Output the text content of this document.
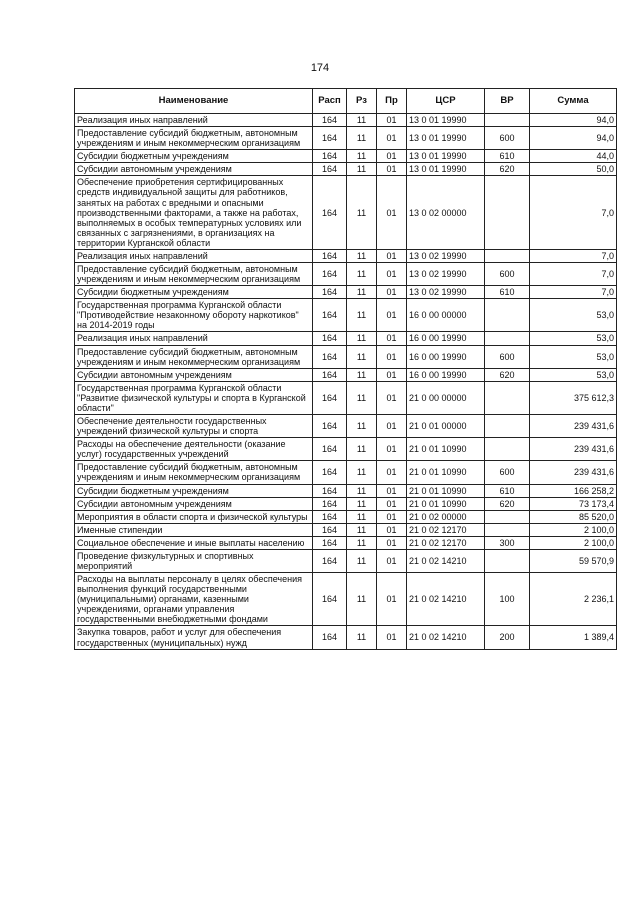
174
Наименование	Расп	Рз	Пр	ЦСР	ВР	Сумма
Реализация иных направлений	164	11	01	13 0 01 19990		94,0
Предоставление субсидий бюджетным, автономным учреждениям и иным некоммерческим организациям	164	11	01	13 0 01 19990	600	94,0
Субсидии бюджетным учреждениям	164	11	01	13 0 01 19990	610	44,0
Субсидии автономным учреждениям	164	11	01	13 0 01 19990	620	50,0
Обеспечение приобретения сертифицированных средств индивидуальной защиты для работников, занятых на работах с вредными и опасными производственными факторами, а также на работах, выполняемых в особых температурных условиях или связанных с загрязнениями, в организациях на территории Курганской области	164	11	01	13 0 02 00000		7,0
Реализация иных направлений	164	11	01	13 0 02 19990		7,0
Предоставление субсидий бюджетным, автономным учреждениям и иным некоммерческим организациям	164	11	01	13 0 02 19990	600	7,0
Субсидии бюджетным учреждениям	164	11	01	13 0 02 19990	610	7,0
Государственная программа Курганской области "Противодействие незаконному обороту наркотиков" на 2014-2019 годы	164	11	01	16 0 00 00000		53,0
Реализация иных направлений	164	11	01	16 0 00 19990		53,0
Предоставление субсидий бюджетным, автономным учреждениям и иным некоммерческим организациям	164	11	01	16 0 00 19990	600	53,0
Субсидии автономным учреждениям	164	11	01	16 0 00 19990	620	53,0
Государственная программа Курганской области "Развитие физической культуры и спорта в Курганской области"	164	11	01	21 0 00 00000		375 612,3
Обеспечение деятельности государственных учреждений физической культуры и спорта	164	11	01	21 0 01 00000		239 431,6
Расходы на обеспечение деятельности (оказание услуг) государственных учреждений	164	11	01	21 0 01 10990		239 431,6
Предоставление субсидий бюджетным, автономным учреждениям и иным некоммерческим организациям	164	11	01	21 0 01 10990	600	239 431,6
Субсидии бюджетным учреждениям	164	11	01	21 0 01 10990	610	166 258,2
Субсидии автономным учреждениям	164	11	01	21 0 01 10990	620	73 173,4
Мероприятия в области спорта и физической культуры	164	11	01	21 0 02 00000		85 520,0
Именные стипендии	164	11	01	21 0 02 12170		2 100,0
Социальное обеспечение и иные выплаты населению	164	11	01	21 0 02 12170	300	2 100,0
Проведение физкультурных и спортивных мероприятий	164	11	01	21 0 02 14210		59 570,9
Расходы на выплаты персоналу в целях обеспечения выполнения функций государственными (муниципальными) органами, казенными учреждениями, органами управления государственными внебюджетными фондами	164	11	01	21 0 02 14210	100	2 236,1
Закупка товаров, работ и услуг для обеспечения государственных (муниципальных) нужд	164	11	01	21 0 02 14210	200	1 389,4
